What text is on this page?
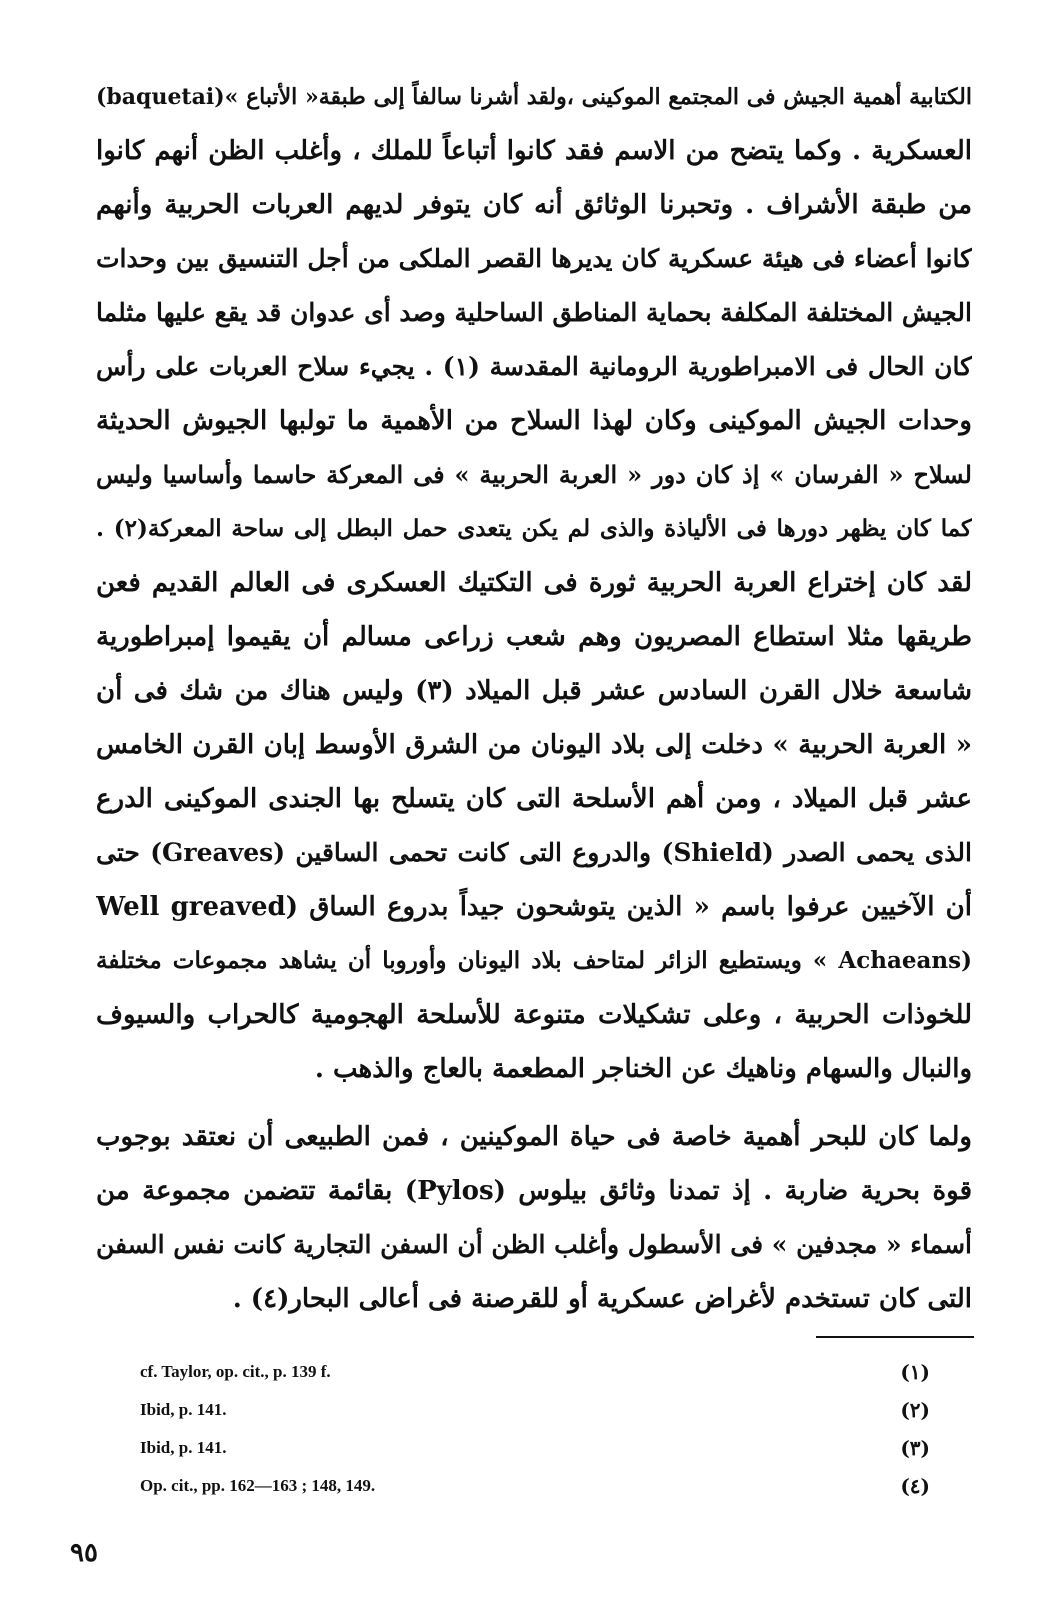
الكتابية أهمية الجيش فى المجتمع الموكينى ،ولقد أشرنا سالفاً إلى طبقة« الأتباع »(baquetai)
العسكرية . وكما يتضح من الاسم فقد كانوا أتباعاً للملك ، وأغلب الظن أنهم كانوا
من طبقة الأشراف . وتحبرنا الوثائق أنه كان يتوفر لديهم العربات الحربية وأنهم
كانوا أعضاء فى هيئة عسكرية كان يديرها القصر الملكى من أجل التنسيق بين وحدات
الجيش المختلفة المكلفة بحماية المناطق الساحلية وصد أى عدوان قد يقع عليها مثلما
كان الحال فى الامبراطورية الرومانية المقدسة (١) . يجيء سلاح العربات على رأس
وحدات الجيش الموكينى وكان لهذا السلاح من الأهمية ما تولبها الجيوش الحديثة
لسلاح « الفرسان » إذ كان دور « العربة الحربية » فى المعركة حاسما وأساسيا وليس
كما كان يظهر دورها فى الألياذة والذى لم يكن يتعدى حمل البطل إلى ساحة المعركة(٢) .
لقد كان إختراع العربة الحربية ثورة فى التكتيك العسكرى فى العالم القديم فعن
طريقها مثلا استطاع المصريون وهم شعب زراعى مسالم أن يقيموا إمبراطورية
شاسعة خلال القرن السادس عشر قبل الميلاد (٣) وليس هناك من شك فى أن
« العربة الحربية » دخلت إلى بلاد اليونان من الشرق الأوسط إبان القرن الخامس
عشر قبل الميلاد ، ومن أهم الأسلحة التى كان يتسلح بها الجندى الموكينى الدرع
الذى يحمى الصدر (Shield) والدروع التى كانت تحمى الساقين (Greaves) حتى
أن الآخيين عرفوا باسم « الذين يتوشحون جيداً بدروع الساق (Well greaved
(Achaeans » ويستطيع الزائر لمتاحف بلاد اليونان وأوروبا أن يشاهد مجموعات مختلفة
للخوذات الحربية ، وعلى تشكيلات متنوعة للأسلحة الهجومية كالحراب والسيوف
والنبال والسهام وناهيك عن الخناجر المطعمة بالعاج والذهب .
ولما كان للبحر أهمية خاصة فى حياة الموكينين ، فمن الطبيعى أن نعتقد بوجوب
قوة بحرية ضاربة . إذ تمدنا وثائق بيلوس (Pylos) بقائمة تتضمن مجموعة من
أسماء « مجدفين » فى الأسطول وأغلب الظن أن السفن التجارية كانت نفس السفن
التى كان تستخدم لأغراض عسكرية أو للقرصنة فى أعالى البحار(٤) .
cf. Taylor, op. cit., p. 139 f.	(١)
Ibid, p. 141.	(٢)
Ibid, p. 141.	(٣)
Op. cit., pp. 162—163 ; 148, 149.	(٤)
٩٥
